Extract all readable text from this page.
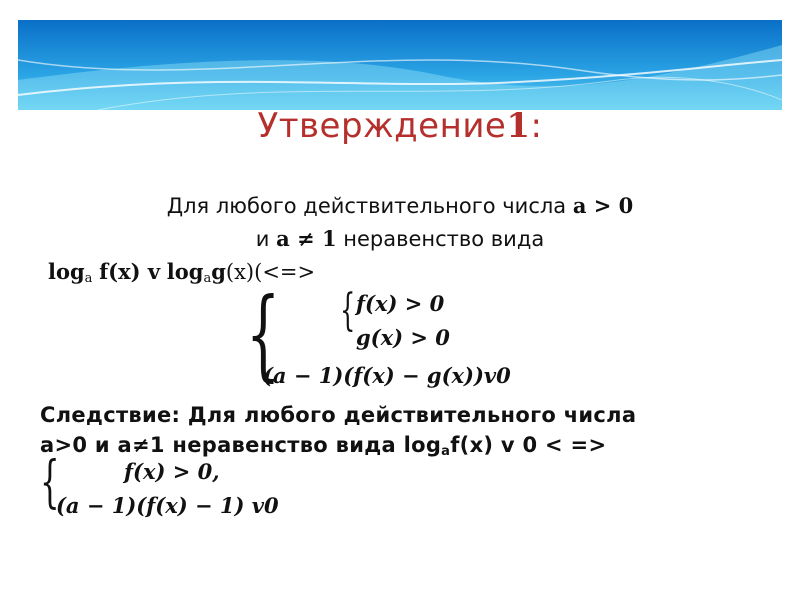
Утверждение1:
Для любого действительного числа a > 0
и a ≠ 1 неравенство вида
$\log_a f(x)$ v $\log_ag(x)(<=>$
{ { f(x) > 0
g(x) > 0
(a − 1)(f(x) − g(x))v0
Следствие: Для любого действительного числа
a>0 и a≠1 неравенство вида $\log_af(x)$ v 0 < =>
{	f(x) > 0,
(a − 1)(f(x) − 1) v0
